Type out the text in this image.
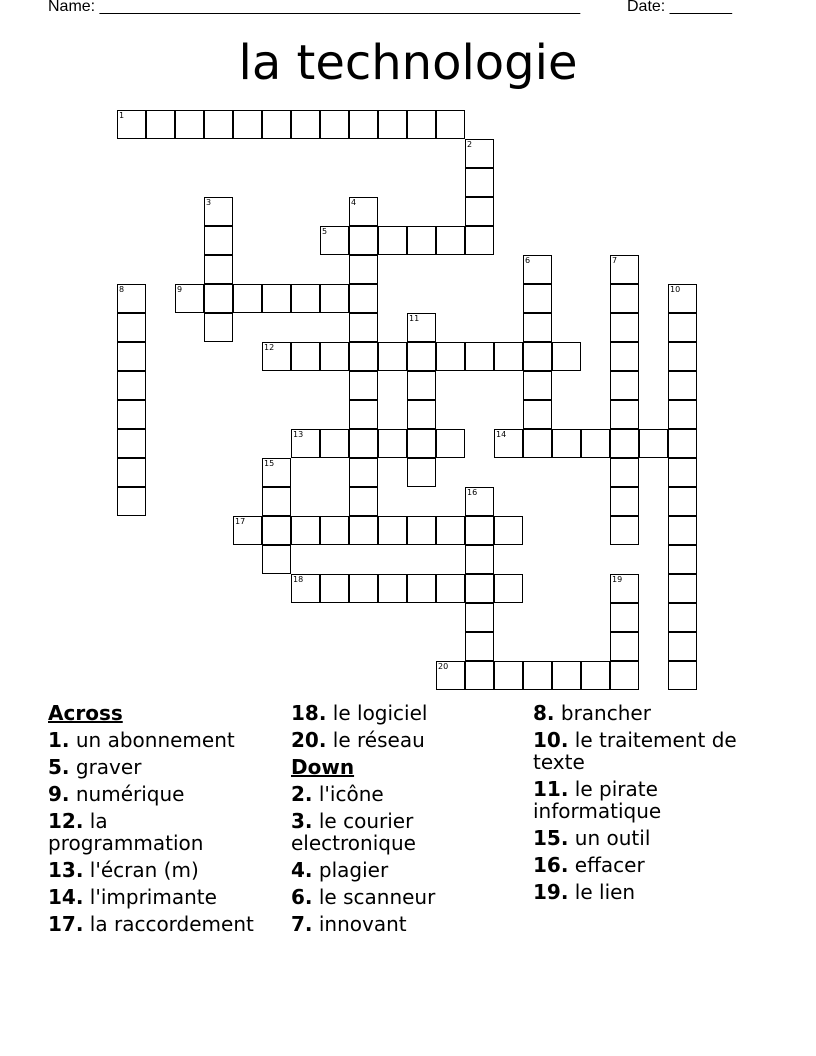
Name: ______________________________________________________	Date: _______
la technologie
1
2
3	4
5
6	7
8	9	10
11
12
13	14
15
16
17
18	19
20
Across
1. un abonnement
5. graver
9. numérique
12. la programmation
13. l'écran (m)
14. l'imprimante
17. la raccordement
18. le logiciel
20. le réseau
Down
2. l'icône
3. le courier electronique
4. plagier
6. le scanneur
7. innovant
8. brancher
10. le traitement de texte
11. le pirate informatique
15. un outil
16. effacer
19. le lien
